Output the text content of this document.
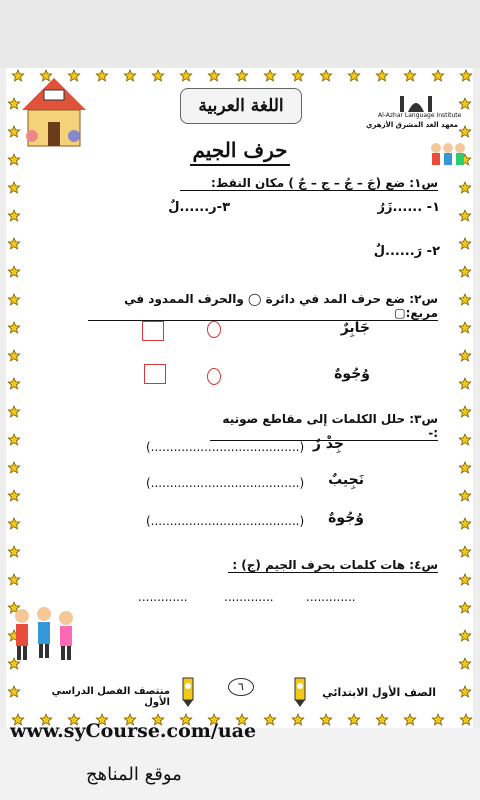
اللغة العربية	Al-Azhar Language Institute
معهد الغد المشرق الأزهري
حرف الجيم
س١: ضع (جَ – جُ – ج – جٌ ) مكان النقط:
١- ......زَرُ
٣-ر......لٌ
٢- رَ......لٌ
س٢: ضع حرف المد في دائرة ◯ والحرف الممدود في مربع:▢
جَابِرٌ
وُجُوهٌ
س٣: حلل الكلمات إلى مقاطع صوتيه :-
جِذْ رٌ
(.......................................)
نَجِيبٌ
(.......................................)
وُجُوهٌ
(.......................................)
س٤: هات كلمات بحرف الجيم (ج) :
.............	.............	.............
٦	الصف الأول الابتدائي
منتصف الفصل الدراسي الأول
www.syCourse.com/uae
موقع المناهج
